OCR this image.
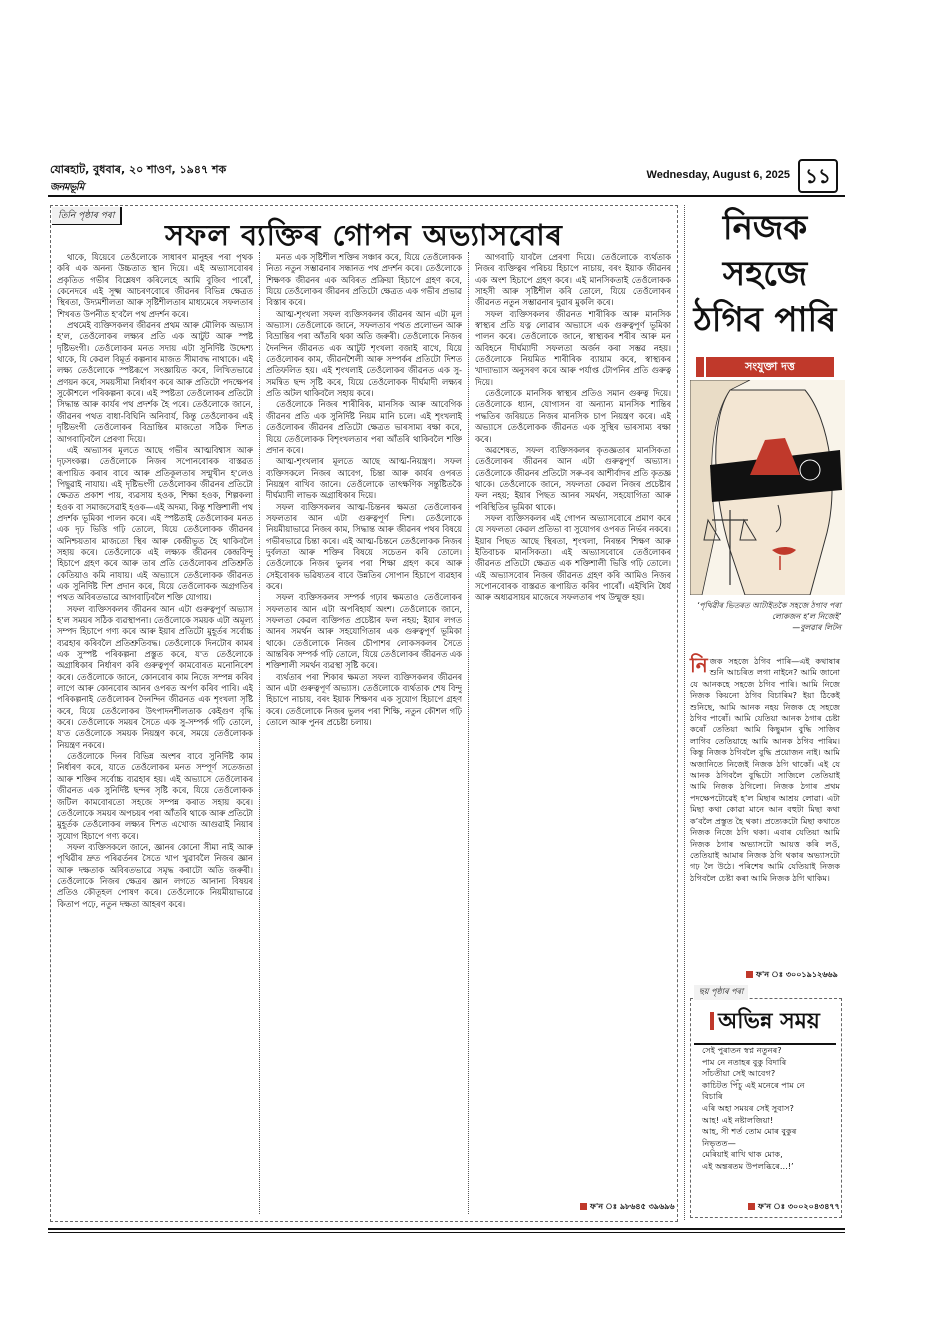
যোৰহাট, বুধবাৰ, ২০ শাওণ, ১৯৪৭ শক
জনমভূমি
Wednesday, August 6, 2025 ১১
তিনি পৃষ্ঠাৰ পৰা
সফল ব্যক্তিৰ গোপন অভ্যাসবোৰ

থাকে, যিয়েবে তেওঁলোকে সাধাৰণ মানুহৰ পৰা পৃথক কৰি এক অনন্য উচ্চতাত স্থান দিয়ে। এই অভ্যাসবোৰৰ প্ৰকৃতিত গভীৰ বিশ্লেষণ কৰিলেহে আমি বুজিব পাৰোঁ, কেনেদৰে এই সূক্ষ্ম আচৰণবোৰে জীৱনৰ বিভিন্ন ক্ষেত্ৰত স্থিৰতা, উদ্যমশীলতা আৰু সৃষ্টিশীলতাৰ মাধ্যমেৰে সফলতাৰ শিখৰত উপনীত হ'বলৈ পথ প্ৰদৰ্শন কৰে।

প্ৰথমেই ব্যক্তিসকলৰ জীৱনৰ প্ৰথম আৰু মৌলিক অভ্যাস হ'ল, তেওঁলোকৰ লক্ষ্যৰ প্ৰতি এক আটুট আৰু স্পষ্ট দৃষ্টিভংগী। তেওঁলোকৰ মনত সদায় এটা সুনিৰ্দিষ্ট উদ্দেশ্য থাকে, যি কেৱল বিমূৰ্ত কল্পনাৰ মাজত সীমাবদ্ধ নাথাকে। এই লক্ষ্য তেওঁলোকে স্পষ্টৰূপে সংজ্ঞায়িত কৰে, লিখিতভাৱে প্ৰণয়ন কৰে, সময়সীমা নিৰ্ধাৰণ কৰে আৰু প্ৰতিটো পদক্ষেপৰ সুকৌশলে পৰিকল্পনা কৰে। এই স্পষ্টতা তেওঁলোকৰ প্ৰতিটো সিদ্ধান্ত আৰু কাৰ্যৰ পথ প্ৰদৰ্শক হৈ পৰে। তেওঁলোকে জানে, জীৱনৰ পথত বাধা-বিঘিনি অনিবাৰ্য, কিন্তু তেওঁলোকৰ এই দৃষ্টিভংগী তেওঁলোকৰ বিভ্ৰান্তিৰ মাজতো সঠিক দিশত আগবাঢ়িবলৈ প্ৰেৰণা দিয়ে।

এই অভ্যাসৰ মূলতে আছে গভীৰ আত্মবিশ্বাস আৰু দৃঢ়সংকল্প। তেওঁলোকে নিজৰ সপোনবোৰক বাস্তৱত ৰূপায়িত কৰাৰ বাবে আৰু প্ৰতিকূলতাৰ সন্মুখীন হ'লেও পিছুৱাই নাযায়। এই দৃষ্টিভংগী তেওঁলোকৰ জীৱনৰ প্ৰতিটো ক্ষেত্ৰত প্ৰকাশ পায়, ব্যৱসায় হওক, শিক্ষা হওক, শিল্পকলা হওক বা সমাজসেৱাই হওক—এই অদম্য, কিন্তু শক্তিশালী পথ প্ৰদৰ্শক ভূমিকা পালন কৰে। এই স্পষ্টতাই তেওঁলোকৰ মনত এক দৃঢ় ভিত্তি গঢ়ি তোলে, যিয়ে তেওঁলোকক জীৱনৰ অনিশ্চয়তাৰ মাজতো স্থিৰ আৰু কেন্দ্ৰীভূত হৈ থাকিবলৈ সহায় কৰে। তেওঁলোকে এই লক্ষ্যক জীৱনৰ কেন্দ্ৰবিন্দু হিচাপে গ্ৰহণ কৰে আৰু তাৰ প্ৰতি তেওঁলোকৰ প্ৰতিশ্ৰুতি কেতিয়াও কমি নাযায়। এই অভ্যাসে তেওঁলোকক জীৱনত এক সুনিৰ্দিষ্ট দিশ প্ৰদান কৰে, যিয়ে তেওঁলোকক অগ্ৰগতিৰ পথত অবিৰতভাৱে আগবাঢ়িবলৈ শক্তি যোগায়।

সফল ব্যক্তিসকলৰ জীৱনৰ আন এটা গুৰুত্বপূৰ্ণ অভ্যাস হ'ল সময়ৰ সঠিক ব্যৱস্থাপনা। তেওঁলোকে সময়ক এটা অমূল্য সম্পদ হিচাপে গণ্য কৰে আৰু ইয়াৰ প্ৰতিটো মুহূৰ্তৰ সৰ্বোচ্চ ব্যৱহাৰ কৰিবলৈ প্ৰতিশ্ৰুতিবদ্ধ। তেওঁলোকে দিনটোৰ কামৰ এক সুস্পষ্ট পৰিকল্পনা প্ৰস্তুত কৰে, য'ত তেওঁলোকে অগ্ৰাধিকাৰ নিৰ্ধাৰণ কৰি গুৰুত্বপূৰ্ণ কামবোৰত মনোনিবেশ কৰে। তেওঁলোকে জানে, কোনবোৰ কাম নিজে সম্পন্ন কৰিব লাগে আৰু কোনবোৰ আনৰ ওপৰত অৰ্পণ কৰিব পাৰি। এই পৰিকল্পনাই তেওঁলোকৰ দৈনন্দিন জীৱনত এক শৃংখলা সৃষ্টি কৰে, যিয়ে তেওঁলোকৰ উৎপাদনশীলতাক কেইগুণ বৃদ্ধি কৰে। তেওঁলোকে সময়ৰ সৈতে এক সু-সম্পৰ্ক গঢ়ি তোলে, য'ত তেওঁলোকে সময়ক নিয়ন্ত্ৰণ কৰে, সময়ে তেওঁলোকক নিয়ন্ত্ৰণ নকৰে।

তেওঁলোকে দিনৰ বিভিন্ন অংশৰ বাবে সুনিৰ্দিষ্ট কাম নিৰ্ধাৰণ কৰে, যাতে তেওঁলোকৰ মনত সম্পূৰ্ণ সতেজতা আৰু শক্তিৰ সৰ্বোচ্চ ব্যৱহাৰ হয়। এই অভ্যাসে তেওঁলোকৰ জীৱনত এক সুনিৰ্দিষ্ট ছন্দৰ সৃষ্টি কৰে, যিয়ে তেওঁলোকক জটিল কামবোৰতো সহজে সম্পন্ন কৰাত সহায় কৰে। তেওঁলোকে সময়ৰ অপচয়ৰ পৰা আঁতৰি থাকে আৰু প্ৰতিটো মুহূৰ্তক তেওঁলোকৰ লক্ষ্যৰ দিশত এখোজ আগুৱাই নিয়াৰ সুযোগ হিচাপে গণ্য কৰে।

সফল ব্যক্তিসকলে জানে, জ্ঞানৰ কোনো সীমা নাই আৰু পৃথিৱীৰ দ্ৰুত পৰিৱৰ্তনৰ সৈতে খাপ খুৱাবলৈ নিজৰ জ্ঞান আৰু দক্ষতাক অবিৰতভাৱে সমৃদ্ধ কৰাটো অতি জৰুৰী। তেওঁলোকে নিজৰ ক্ষেত্ৰৰ জ্ঞান লগতে আনান্য বিষয়ৰ প্ৰতিও কৌতূহল পোষণ কৰে। তেওঁলোকে নিয়মীয়াভাৱে কিতাপ পঢ়ে, নতুন দক্ষতা আহৰণ কৰে।

মনত এক সৃষ্টিশীল শক্তিৰ সঞ্চাৰ কৰে, যিয়ে তেওঁলোকক নিত্য নতুন সম্ভাৱনাৰ সন্ধানত পথ প্ৰদৰ্শন কৰে। তেওঁলোকে শিক্ষণক জীৱনৰ এক অবিৰত প্ৰক্ৰিয়া হিচাপে গ্ৰহণ কৰে, যিয়ে তেওঁলোকৰ জীৱনৰ প্ৰতিটো ক্ষেত্ৰত এক গভীৰ প্ৰভাৱ বিস্তাৰ কৰে।

আত্ম-শৃংখলা সফল ব্যক্তিসকলৰ জীৱনৰ আন এটা মূল অভ্যাস। তেওঁলোকে জানে, সফলতাৰ পথত প্ৰলোভন আৰু বিভ্ৰান্তিৰ পৰা আঁতৰি থকা অতি জৰুৰী। তেওঁলোকে নিজৰ দৈনন্দিন জীৱনত এক আটুট শৃংখলা বজাই ৰাখে, যিয়ে তেওঁলোকৰ কাম, জীৱনশৈলী আৰু সম্পৰ্কৰ প্ৰতিটো দিশত প্ৰতিফলিত হয়। এই শৃংখলাই তেওঁলোকৰ জীৱনত এক সু-সমন্বিত ছন্দ সৃষ্টি কৰে, যিয়ে তেওঁলোকক দীৰ্ঘমাদী লক্ষ্যৰ প্ৰতি অটল থাকিবলৈ সহায় কৰে।

তেওঁলোকে নিজৰ শাৰীৰিক, মানসিক আৰু আবেগিক জীৱনৰ প্ৰতি এক সুনিৰ্দিষ্ট নিয়ম মানি চলে। এই শৃংখলাই তেওঁলোকৰ জীৱনৰ প্ৰতিটো ক্ষেত্ৰত ভাৰসাম্য ৰক্ষা কৰে, যিয়ে তেওঁলোকক বিশৃংখলতাৰ পৰা আঁতৰি থাকিবলৈ শক্তি প্ৰদান কৰে।

আত্ম-শৃংখলাৰ মূলতে আছে আত্ম-নিয়ন্ত্ৰণ। সফল ব্যক্তিসকলে নিজৰ আবেগ, চিন্তা আৰু কাৰ্যৰ ওপৰত নিয়ন্ত্ৰণ ৰাখিব জানে। তেওঁলোকে তাৎক্ষণিক সন্তুষ্টিতকৈ দীৰ্ঘম্যাদী লাভক অগ্ৰাধিকাৰ দিয়ে।

সফল ব্যক্তিসকলৰ আত্ম-চিন্তনৰ ক্ষমতা তেওঁলোকৰ সফলতাৰ আন এটা গুৰুত্বপূৰ্ণ দিশ। তেওঁলোকে নিয়মীয়াভাৱে নিজৰ কাম, সিদ্ধান্ত আৰু জীৱনৰ পথৰ বিষয়ে গভীৰভাৱে চিন্তা কৰে। এই আত্ম-চিন্তনে তেওঁলোকক নিজৰ দুৰ্বলতা আৰু শক্তিৰ বিষয়ে সচেতন কৰি তোলে। তেওঁলোকে নিজৰ ভুলৰ পৰা শিক্ষা গ্ৰহণ কৰে আৰু সেইবোৰক ভৱিষ্যতৰ বাবে উন্নতিৰ সোপান হিচাপে ব্যৱহাৰ কৰে।

সফল ব্যক্তিসকলৰ সম্পৰ্ক গঢ়াৰ ক্ষমতাও তেওঁলোকৰ সফলতাৰ আন এটা অপৰিহাৰ্য অংশ। তেওঁলোকে জানে, সফলতা কেৱল ব্যক্তিগত প্ৰচেষ্টাৰ ফল নহয়; ইয়াৰ লগত আনৰ সমৰ্থন আৰু সহযোগিতাৰ এক গুৰুত্বপূৰ্ণ ভূমিকা থাকে। তেওঁলোকে নিজৰ চৌপাশৰ লোকসকলৰ সৈতে আন্তৰিক সম্পৰ্ক গঢ়ি তোলে, যিয়ে তেওঁলোকৰ জীৱনত এক শক্তিশালী সমৰ্থন ব্যৱস্থা সৃষ্টি কৰে।

ব্যৰ্থতাৰ পৰা শিকাৰ ক্ষমতা সফল ব্যক্তিসকলৰ জীৱনৰ আন এটা গুৰুত্বপূৰ্ণ অভ্যাস। তেওঁলোকে ব্যৰ্থতাক শেষ বিন্দু হিচাপে নাচায়, বৰং ইয়াক শিক্ষণৰ এক সুযোগ হিচাপে গ্ৰহণ কৰে। তেওঁলোকে নিজৰ ভুলৰ পৰা শিক্ষি, নতুন কৌশল গঢ়ি তোলে আৰু পুনৰ প্ৰচেষ্টা চলায়।

আগবাঢ়ি যাবলৈ প্ৰেৰণা দিয়ে। তেওঁলোকে ব্যৰ্থতাক নিজৰ ব্যক্তিত্বৰ পৰিচয় হিচাপে নাচায়, বৰং ইয়াক জীৱনৰ এক অংশ হিচাপে গ্ৰহণ কৰে। এই মানসিকতাই তেওঁলোকক সাহসী আৰু সৃষ্টিশীল কৰি তোলে, যিয়ে তেওঁলোকৰ জীৱনত নতুন সম্ভাৱনাৰ দুৱাৰ মুকলি কৰে।

সফল ব্যক্তিসকলৰ জীৱনত শাৰীৰিক আৰু মানসিক স্বাস্থ্যৰ প্ৰতি যত্ন লোৱাৰ অভ্যাসে এক গুৰুত্বপূৰ্ণ ভূমিকা পালন কৰে। তেওঁলোকে জানে, স্বাস্থ্যকৰ শৰীৰ আৰু মন অবিহনে দীৰ্ঘম্যাদী সফলতা অৰ্জন কৰা সম্ভৱ নহয়। তেওঁলোকে নিয়মিত শাৰীৰিক ব্যায়াম কৰে, স্বাস্থ্যকৰ খাদ্যাভ্যাস অনুসৰণ কৰে আৰু পৰ্যাপ্ত টোপনিৰ প্ৰতি গুৰুত্ব দিয়ে।

তেওঁলোকে মানসিক স্বাস্থ্যৰ প্ৰতিও সমান গুৰুত্ব দিয়ে। তেওঁলোকে ধ্যান, যোগাসন বা অন্যান্য মানসিক শান্তিৰ পদ্ধতিৰ জৰিয়তে নিজৰ মানসিক চাপ নিয়ন্ত্ৰণ কৰে। এই অভ্যাসে তেওঁলোকক জীৱনত এক সুস্থিৰ ভাৰসাম্য ৰক্ষা কৰে।

অৱশেষত, সফল ব্যক্তিসকলৰ কৃতজ্ঞতাৰ মানসিকতা তেওঁলোকৰ জীৱনৰ আন এটা গুৰুত্বপূৰ্ণ অভ্যাস। তেওঁলোকে জীৱনৰ প্ৰতিটো সৰু-বৰ আশীৰ্বাদৰ প্ৰতি কৃতজ্ঞ থাকে। তেওঁলোকে জানে, সফলতা কেৱল নিজৰ প্ৰচেষ্টাৰ ফল নহয়; ইয়াৰ পিছত আনৰ সমৰ্থন, সহযোগিতা আৰু পৰিস্থিতিৰ ভূমিকা থাকে।

সফল ব্যক্তিসকলৰ এই গোপন অভ্যাসবোৰে প্ৰমাণ কৰে যে সফলতা কেৱল প্ৰতিভা বা সুযোগৰ ওপৰত নিৰ্ভৰ নকৰে। ইয়াৰ পিছত আছে স্থিৰতা, শৃংখলা, নিৰন্তৰ শিক্ষণ আৰু ইতিবাচক মানসিকতা। এই অভ্যাসবোৰে তেওঁলোকৰ জীৱনত প্ৰতিটো ক্ষেত্ৰত এক শক্তিশালী ভিত্তি গঢ়ি তোলে। এই অভ্যাসবোৰ নিজৰ জীৱনত গ্ৰহণ কৰি আমিও নিজৰ সপোনবোৰক বাস্তৱত ৰূপায়িত কৰিব পাৰোঁ। এইখিনি ধৈৰ্য আৰু অধ্যৱসায়ৰ মাজেৰে সফলতাৰ পথ উন্মুক্ত হয়।

ফ'ন ঃ ৯৮৬৪৫ ৩৯৬৯৬
নিজক
সহজে
ঠগিব পাৰি
সংযুক্তা দত্ত
‘পৃথিৱীৰ ভিতৰত আটাইতকৈ সহজে ঠগাব পৰা লোকজন হ’ল নিজেই’
—বুলৱাৰ লিটন

নিজক সহজে ঠগিব পাৰি—এই কথাষাৰ শুনি আচৰিত লগা নাইনে? আমি জানো যে আনকহে সহজে ঠগিব পাৰি। আমি নিজে নিজক কিয়নো ঠগিব বিচাৰিম? ইয়া ঠিকেই শুনিছে, আমি আনক নহয় নিজক হে সহজে ঠগিব পাৰোঁ। আমি যেতিয়া আনক ঠগাৰ চেষ্টা কৰোঁ তেতিয়া আমি কিছুমান বুদ্ধি সাজিব লাগিব তেতিয়াহে আমি আনক ঠগিব পাৰিম। কিন্তু নিজক ঠগিবলৈ বুদ্ধি প্ৰয়োজন নাই। আমি অজানিতে নিজেই নিজক ঠগি থাকোঁ। এই যে আনক ঠগিবলৈ বুদ্ধিটো সাজিলে তেতিয়াই আমি নিজক ঠগিলো। নিজক ঠগাৰ প্ৰথম পদক্ষেপটোৱেই হ’ল মিছাৰ আশ্ৰয় লোৱা। এটা মিছা কথা কোৱা মানে আন বহুটা মিছা কথা ক’বলৈ প্ৰস্তুত হৈ থকা। প্ৰত্যেকটো মিছা কথাতে নিজক নিজে ঠগি থকা। এবাৰ যেতিয়া আমি নিজক ঠগাৰ অভ্যাসটো আয়ত্ত কৰি লওঁ, তেতিয়াই আমাৰ নিজক ঠগি থকাৰ অভ্যাসটো গঢ় লৈ উঠে। পৰিশেষ আমি যেতিয়াই নিজক ঠগিবলৈ চেষ্টা কৰা আমি নিজক ঠগি থাকিম।

ফ'ন ঃ ৩০০১৯১২৬৬৯
ছয় পৃষ্ঠাৰ পৰা
অভিন্ন সময়
সেই পুৰাতন স্বপ্ন নতুনৰ?
পাম নে নতাহৰ বুকু বিদাৰি
সাঁচতীয়া সেই আবেগ?
কাচিটত পিঁচু এই মনেৰে পাম নে
বিচাৰি
এৰি অহা সময়ৰ সেই সুবাস?
আহ! এই নষ্টালজিয়া!
আহ, সী শৰ্ত তোম মোৰ বুকুৰ
নিভৃতত—
মেৰিয়াই ৰাখি থাক মোক,
এই অন্তৰতম উপলব্ধিৰে...!’
ফ'ন ঃ ৩০০২০৪৩৪৭৭
